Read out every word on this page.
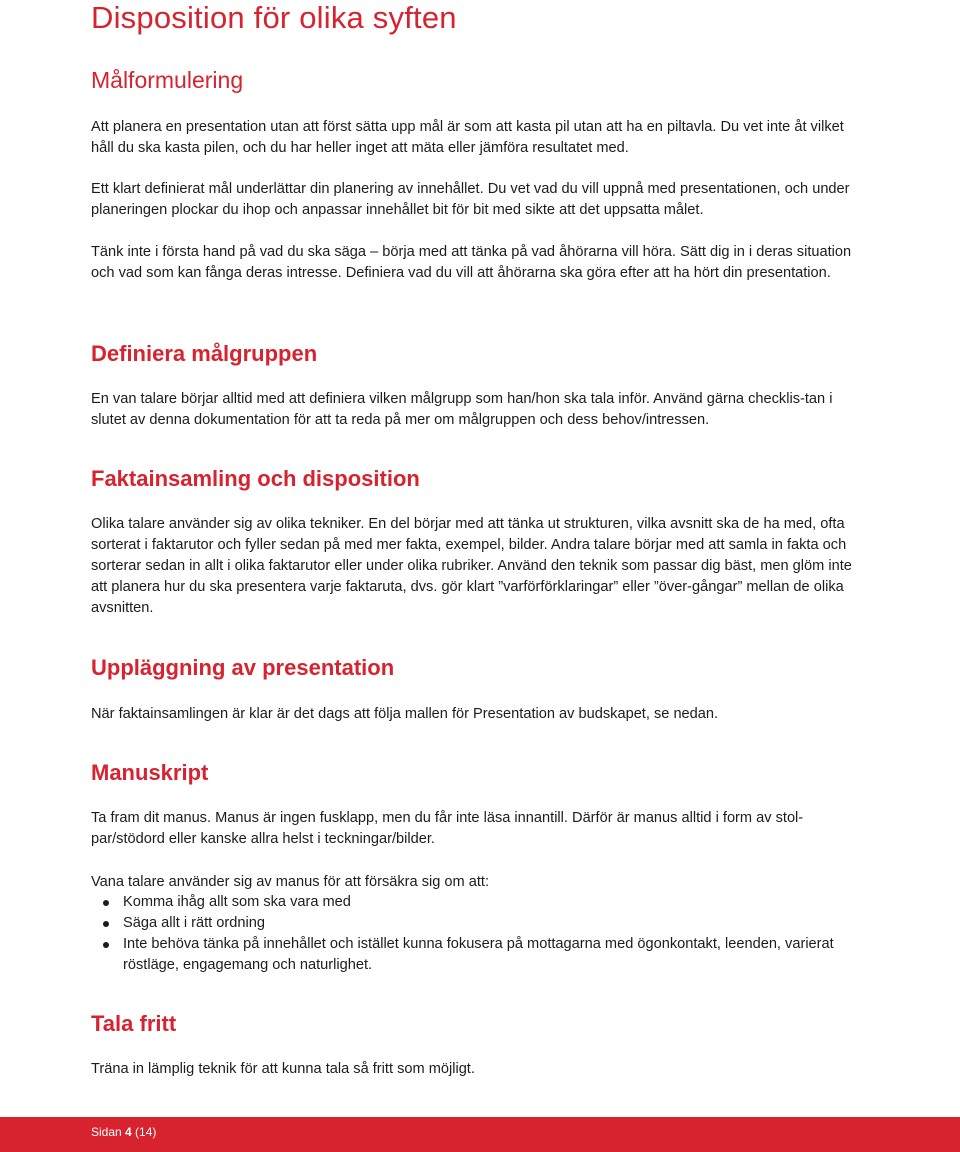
Disposition för olika syften
Målformulering

Att planera en presentation utan att först sätta upp mål är som att kasta pil utan att ha en piltavla. Du vet inte åt vilket håll du ska kasta pilen, och du har heller inget att mäta eller jämföra resultatet med.

Ett klart definierat mål underlättar din planering av innehållet. Du vet vad du vill uppnå med presentationen, och under planeringen plockar du ihop och anpassar innehållet bit för bit med sikte att det uppsatta målet.

Tänk inte i första hand på vad du ska säga – börja med att tänka på vad åhörarna vill höra. Sätt dig in i deras situation och vad som kan fånga deras intresse. Definiera vad du vill att åhörarna ska göra efter att ha hört din presentation.

Definiera målgruppen

En van talare börjar alltid med att definiera vilken målgrupp som han/hon ska tala inför. Använd gärna checklis-tan i slutet av denna dokumentation för att ta reda på mer om målgruppen och dess behov/intressen.

Faktainsamling och disposition

Olika talare använder sig av olika tekniker. En del börjar med att tänka ut strukturen, vilka avsnitt ska de ha med, ofta sorterat i faktarutor och fyller sedan på med mer fakta, exempel, bilder. Andra talare börjar med att samla in fakta och sorterar sedan in allt i olika faktarutor eller under olika rubriker. Använd den teknik som passar dig bäst, men glöm inte att planera hur du ska presentera varje faktaruta, dvs. gör klart ”varförförklaringar” eller ”över-gångar” mellan de olika avsnitten.

Uppläggning av presentation

När faktainsamlingen är klar är det dags att följa mallen för Presentation av budskapet, se nedan.

Manuskript

Ta fram dit manus. Manus är ingen fusklapp, men du får inte läsa innantill. Därför är manus alltid i form av stol-par/stödord eller kanske allra helst i teckningar/bilder.

Vana talare använder sig av manus för att försäkra sig om att:

Komma ihåg allt som ska vara med
Säga allt i rätt ordning
Inte behöva tänka på innehållet och istället kunna fokusera på mottagarna med ögonkontakt, leenden, varierat röstläge, engagemang och naturlighet.
Tala fritt

Träna in lämplig teknik för att kunna tala så fritt som möjligt.

Sidan 4 (14)
